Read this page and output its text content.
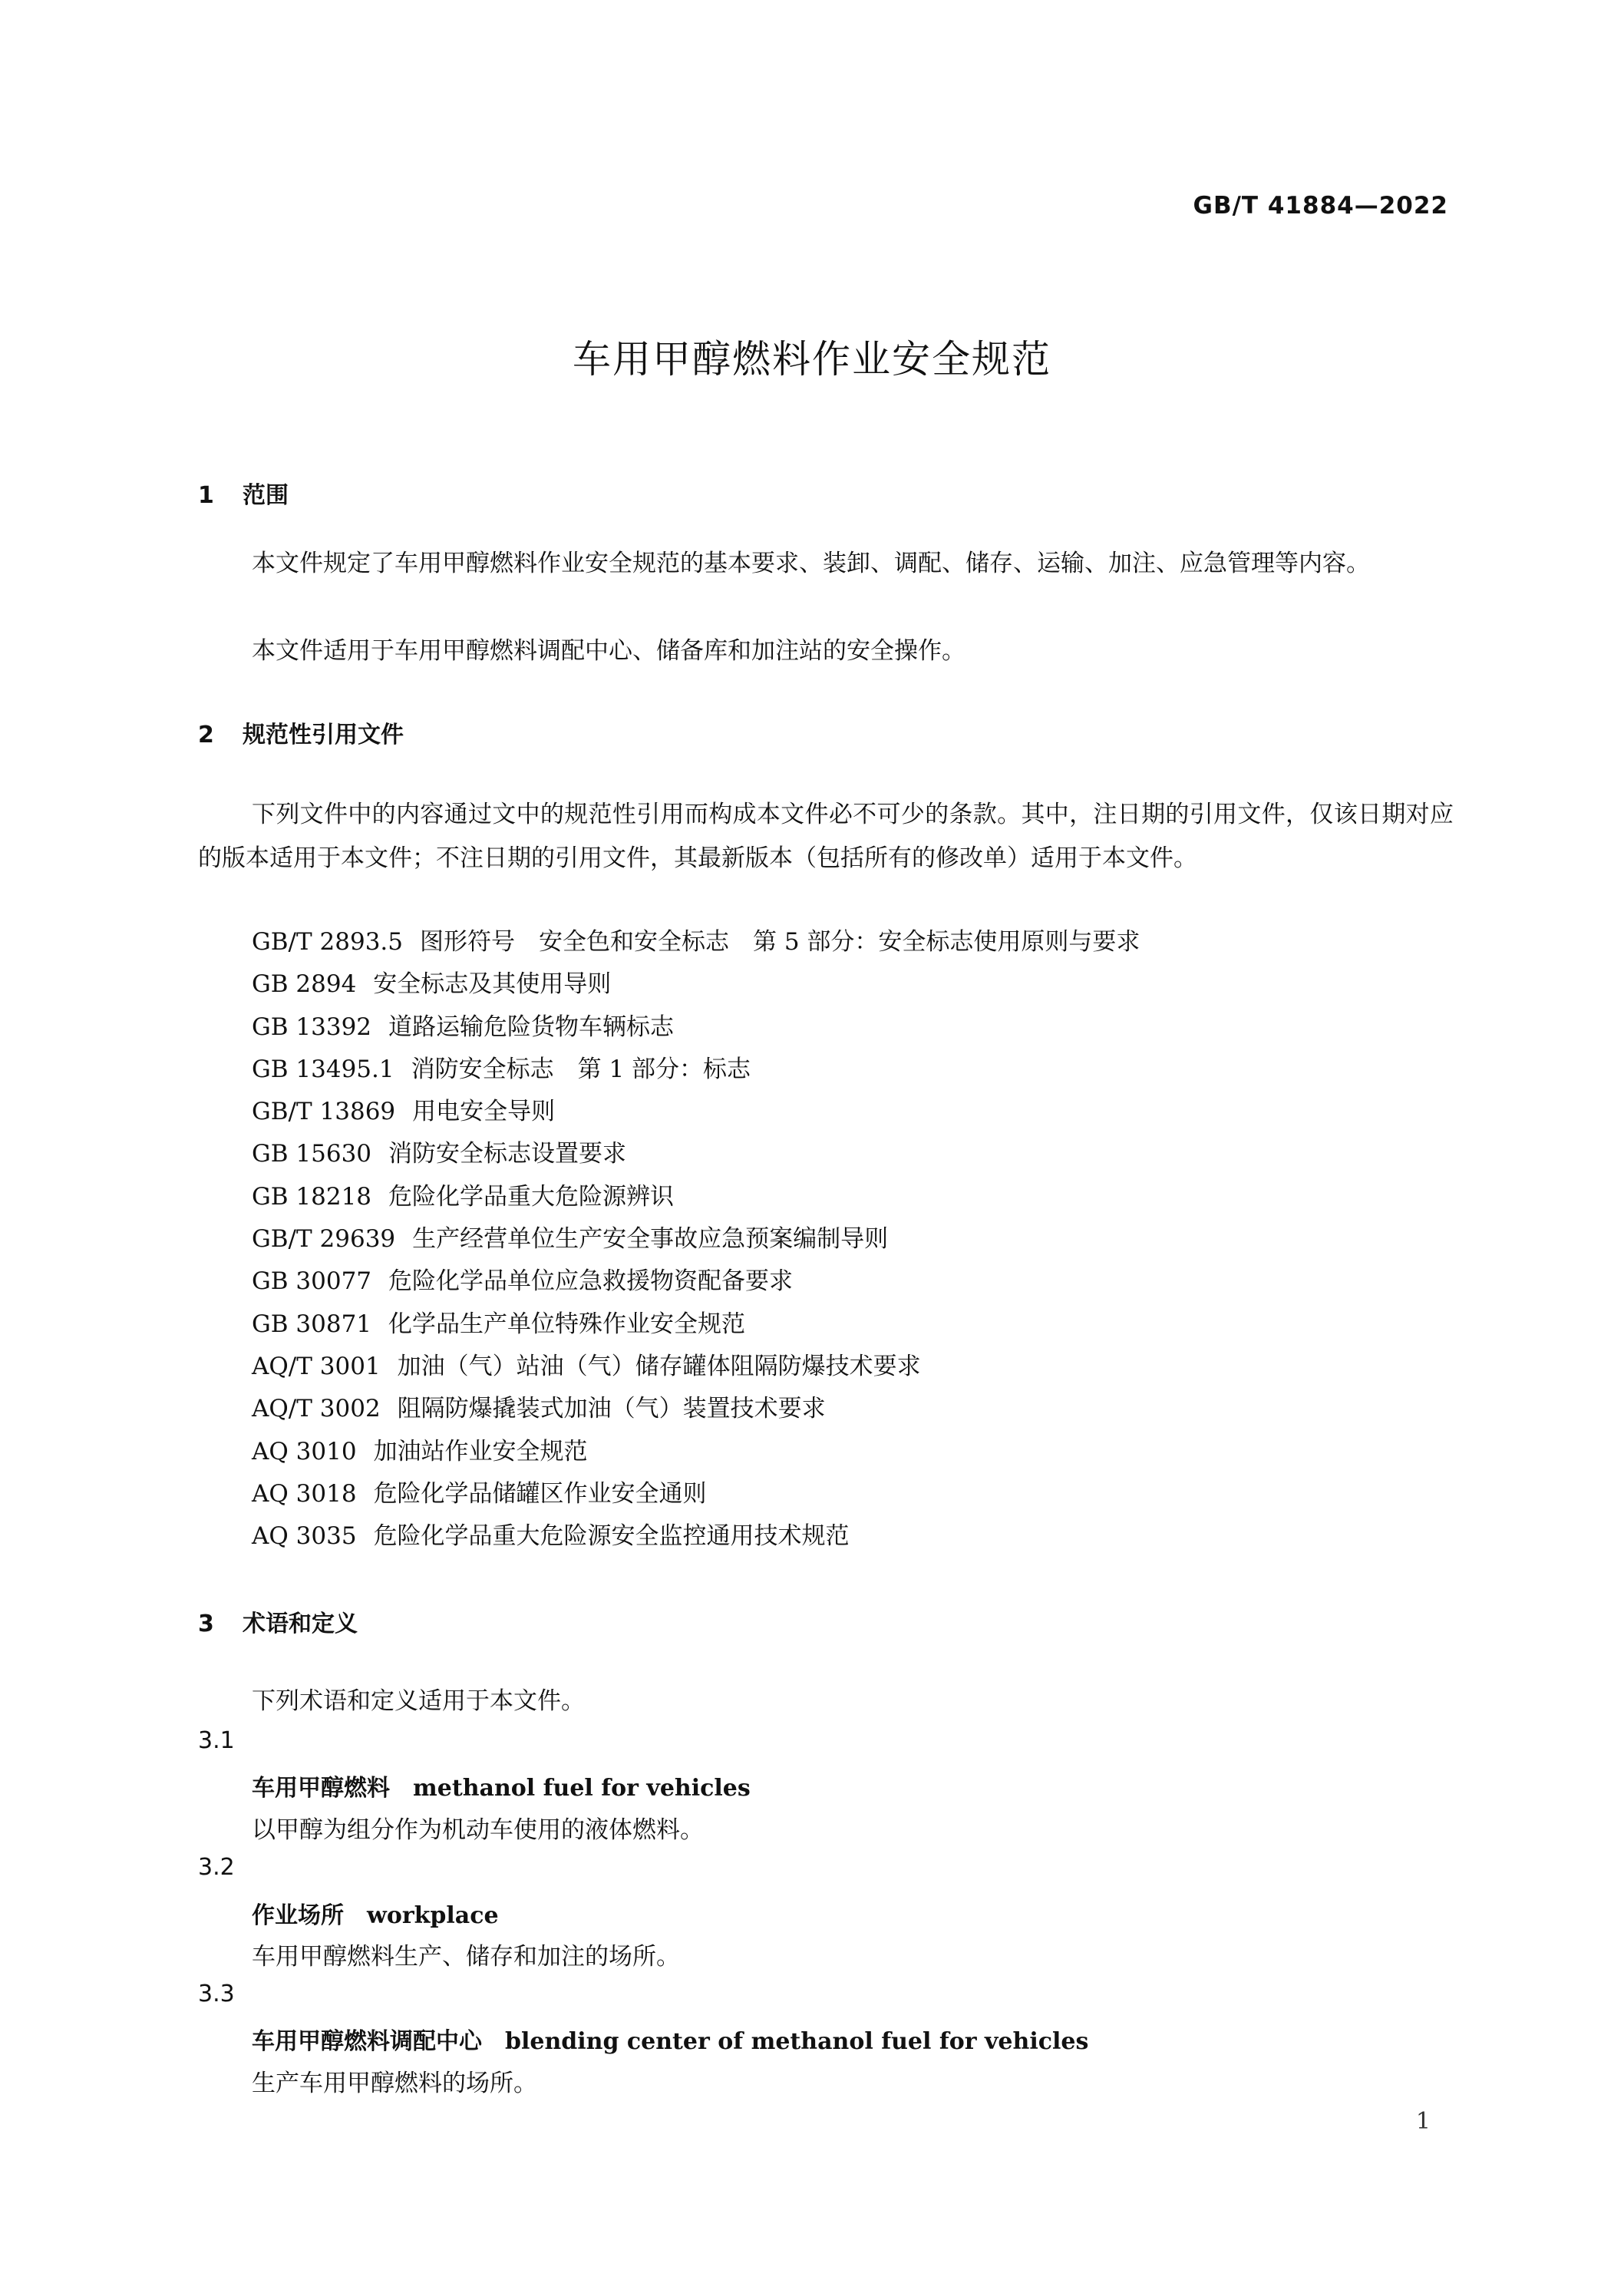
GB/T 41884—2022
车用甲醇燃料作业安全规范
1 范围
本文件规定了车用甲醇燃料作业安全规范的基本要求、装卸、调配、储存、运输、加注、应急管理等内容。
本文件适用于车用甲醇燃料调配中心、储备库和加注站的安全操作。
2 规范性引用文件
下列文件中的内容通过文中的规范性引用而构成本文件必不可少的条款。其中，注日期的引用文件，仅该日期对应的版本适用于本文件；不注日期的引用文件，其最新版本（包括所有的修改单）适用于本文件。
GB/T 2893.5 图形符号　安全色和安全标志　第 5 部分：安全标志使用原则与要求
GB 2894 安全标志及其使用导则
GB 13392 道路运输危险货物车辆标志
GB 13495.1 消防安全标志　第 1 部分：标志
GB/T 13869 用电安全导则
GB 15630 消防安全标志设置要求
GB 18218 危险化学品重大危险源辨识
GB/T 29639 生产经营单位生产安全事故应急预案编制导则
GB 30077 危险化学品单位应急救援物资配备要求
GB 30871 化学品生产单位特殊作业安全规范
AQ/T 3001 加油（气）站油（气）储存罐体阻隔防爆技术要求
AQ/T 3002 阻隔防爆撬装式加油（气）装置技术要求
AQ 3010 加油站作业安全规范
AQ 3018 危险化学品储罐区作业安全通则
AQ 3035 危险化学品重大危险源安全监控通用技术规范
3 术语和定义
下列术语和定义适用于本文件。
3.1
车用甲醇燃料 methanol fuel for vehicles
以甲醇为组分作为机动车使用的液体燃料。
3.2
作业场所 workplace
车用甲醇燃料生产、储存和加注的场所。
3.3
车用甲醇燃料调配中心 blending center of methanol fuel for vehicles
生产车用甲醇燃料的场所。
1
